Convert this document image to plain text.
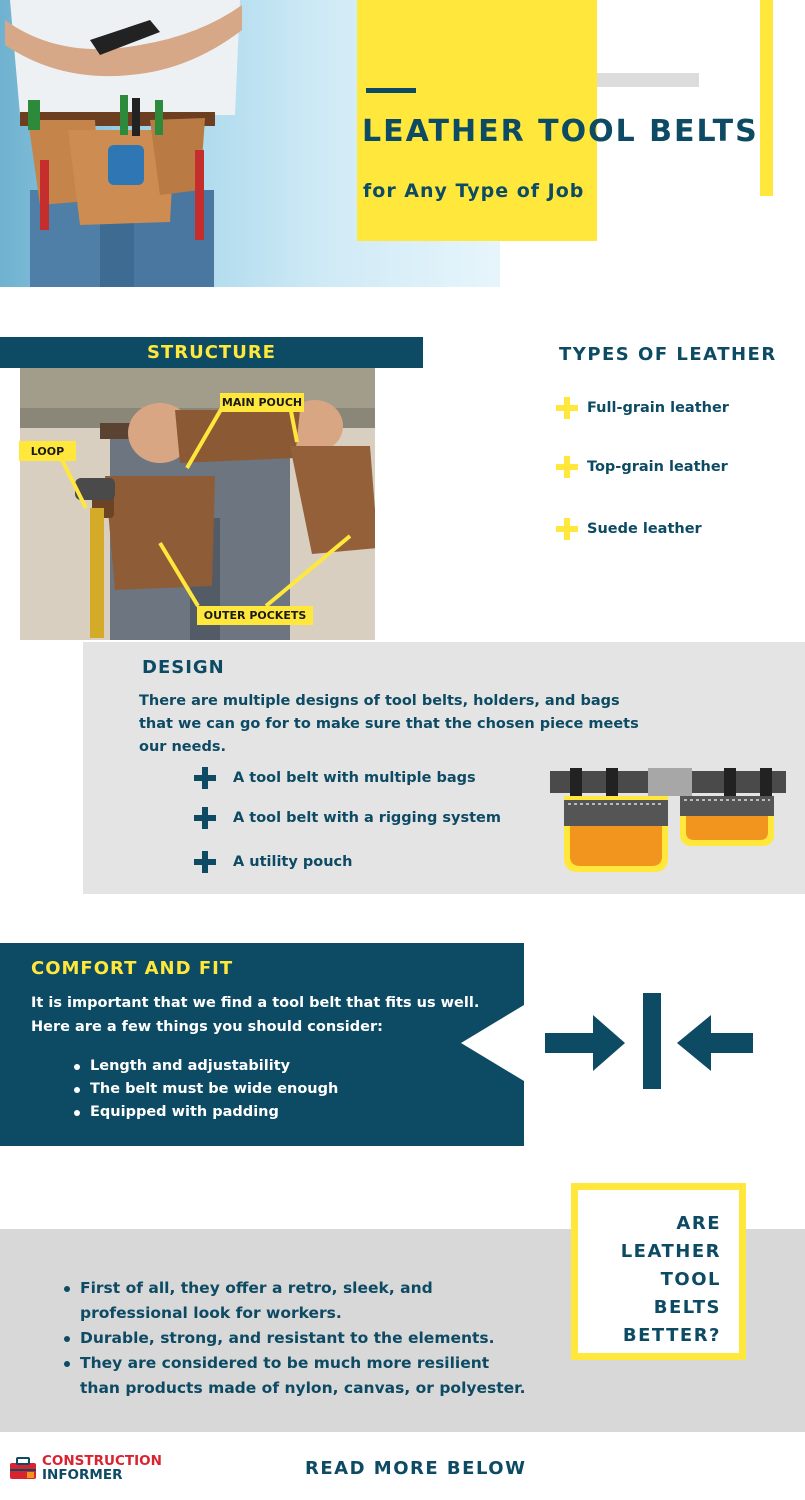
LEATHER TOOL BELTS
for Any Type of Job
STRUCTURE
MAIN POUCH
LOOP
OUTER POCKETS
TYPES OF LEATHER
Full-grain leather
Top-grain leather
Suede leather
DESIGN
There are multiple designs of tool belts, holders, and bags that we can go for to make sure that the chosen piece meets our needs.
A tool belt with multiple bags
A tool belt with a rigging system
A utility pouch
COMFORT AND FIT
It is important that we find a tool belt that fits us well. Here are a few things you should consider:
Length and adjustability
The belt must be wide enough
Equipped with padding
First of all, they offer a retro, sleek, and professional look for workers.
Durable, strong, and resistant to the elements.
They are considered to be much more resilient than products made of nylon, canvas, or polyester.
ARE
LEATHER
TOOL
BELTS
BETTER?
CONSTRUCTION
INFORMER	READ MORE BELOW
